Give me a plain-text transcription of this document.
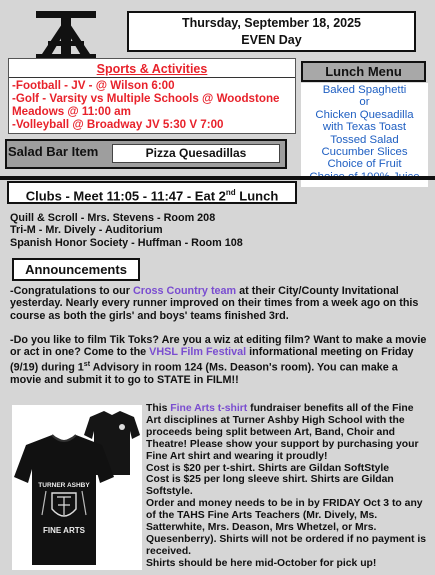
Thursday, September 18, 2025
EVEN Day
Sports & Activities
-Football - JV - @ Wilson 6:00
-Golf - Varsity vs Multiple Schools @ Woodstone Meadows @ 11:00 am
-Volleyball @ Broadway JV 5:30 V 7:00
Lunch Menu
Baked Spaghetti
or
Chicken Quesadilla
with Texas Toast
Tossed Salad
Cucumber Slices
Choice of Fruit
Salad Bar Item	Pizza Quesadillas
Clubs - Meet 11:05 - 11:47 - Eat 2nd Lunch
Quill & Scroll - Mrs. Stevens - Room 208
Tri-M - Mr. Dively - Auditorium
Spanish Honor Society - Huffman - Room 108
Announcements
-Congratulations to our Cross Country team at their City/County Invitational yesterday. Nearly every runner improved on their times from a week ago on this course as both the girls' and boys' teams finished 3rd.
-Do you like to film Tik Toks? Are you a wiz at editing film? Want to make a movie or act in one? Come to the VHSL Film Festival informational meeting on Friday (9/19) during 1st Advisory in room 124 (Ms. Deason's room). You can make a movie and submit it to go to STATE in FILM!!
TURNER ASHBY
FINE ARTS
This Fine Arts t-shirt fundraiser benefits all of the Fine Art disciplines at Turner Ashby High School with the proceeds being split between Art, Band, Choir and Theatre! Please show your support by purchasing your Fine Art shirt and wearing it proudly!
Cost is $20 per t-shirt. Shirts are Gildan SoftStyle
Cost is $25 per long sleeve shirt. Shirts are Gildan Softstyle.
Order and money needs to be in by FRIDAY Oct 3 to any of the TAHS Fine Arts Teachers (Mr. Dively, Ms. Satterwhite, Mrs. Deason, Mrs Whetzel, or Mrs. Quesenberry). Shirts will not be ordered if no payment is received.
Shirts should be here mid-October for pick up!
